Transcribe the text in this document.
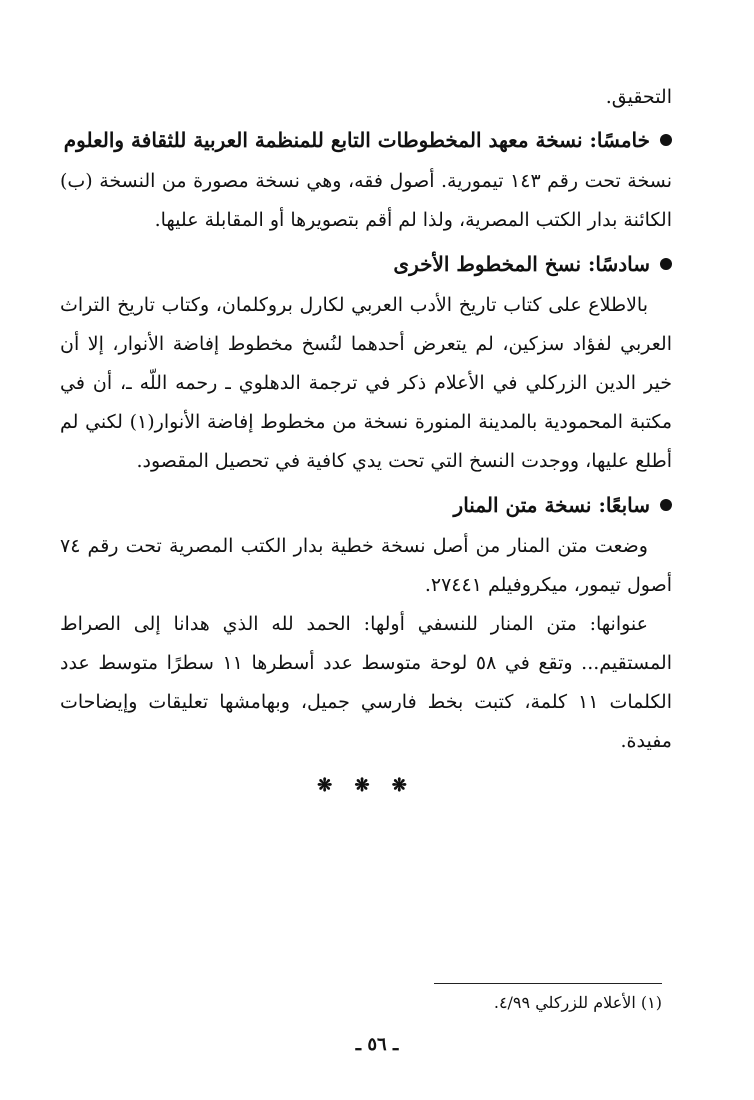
التحقيق.

خامسًا: نسخة معهد المخطوطات التابع للمنظمة العربية للثقافة والعلوم

نسخة تحت رقم ١٤٣ تيمورية. أصول فقه، وهي نسخة مصورة من النسخة (ب) الكائنة بدار الكتب المصرية، ولذا لم أقم بتصويرها أو المقابلة عليها.

سادسًا: نسخ المخطوط الأخرى

بالاطلاع على كتاب تاريخ الأدب العربي لكارل بروكلمان، وكتاب تاريخ التراث العربي لفؤاد سزكين، لم يتعرض أحدهما لنُسخ مخطوط إفاضة الأنوار، إلا أن خير الدين الزركلي في الأعلام ذكر في ترجمة الدهلوي ـ رحمه اللّه ـ، أن في مكتبة المحمودية بالمدينة المنورة نسخة من مخطوط إفاضة الأنوار(١) لكني لم أطلع عليها، ووجدت النسخ التي تحت يدي كافية في تحصيل المقصود.

سابعًا: نسخة متن المنار

وضعت متن المنار من أصل نسخة خطية بدار الكتب المصرية تحت رقم ٧٤ أصول تيمور، ميكروفيلم ٢٧٤٤١.

عنوانها: متن المنار للنسفي أولها: الحمد لله الذي هدانا إلى الصراط المستقيم... وتقع في ٥٨ لوحة متوسط عدد أسطرها ١١ سطرًا متوسط عدد الكلمات ١١ كلمة، كتبت بخط فارسي جميل، وبهامشها تعليقات وإيضاحات مفيدة.

❋ ❋ ❋
(١) الأعلام للزركلي ٤/٩٩.
ـ ٥٦ ـ
